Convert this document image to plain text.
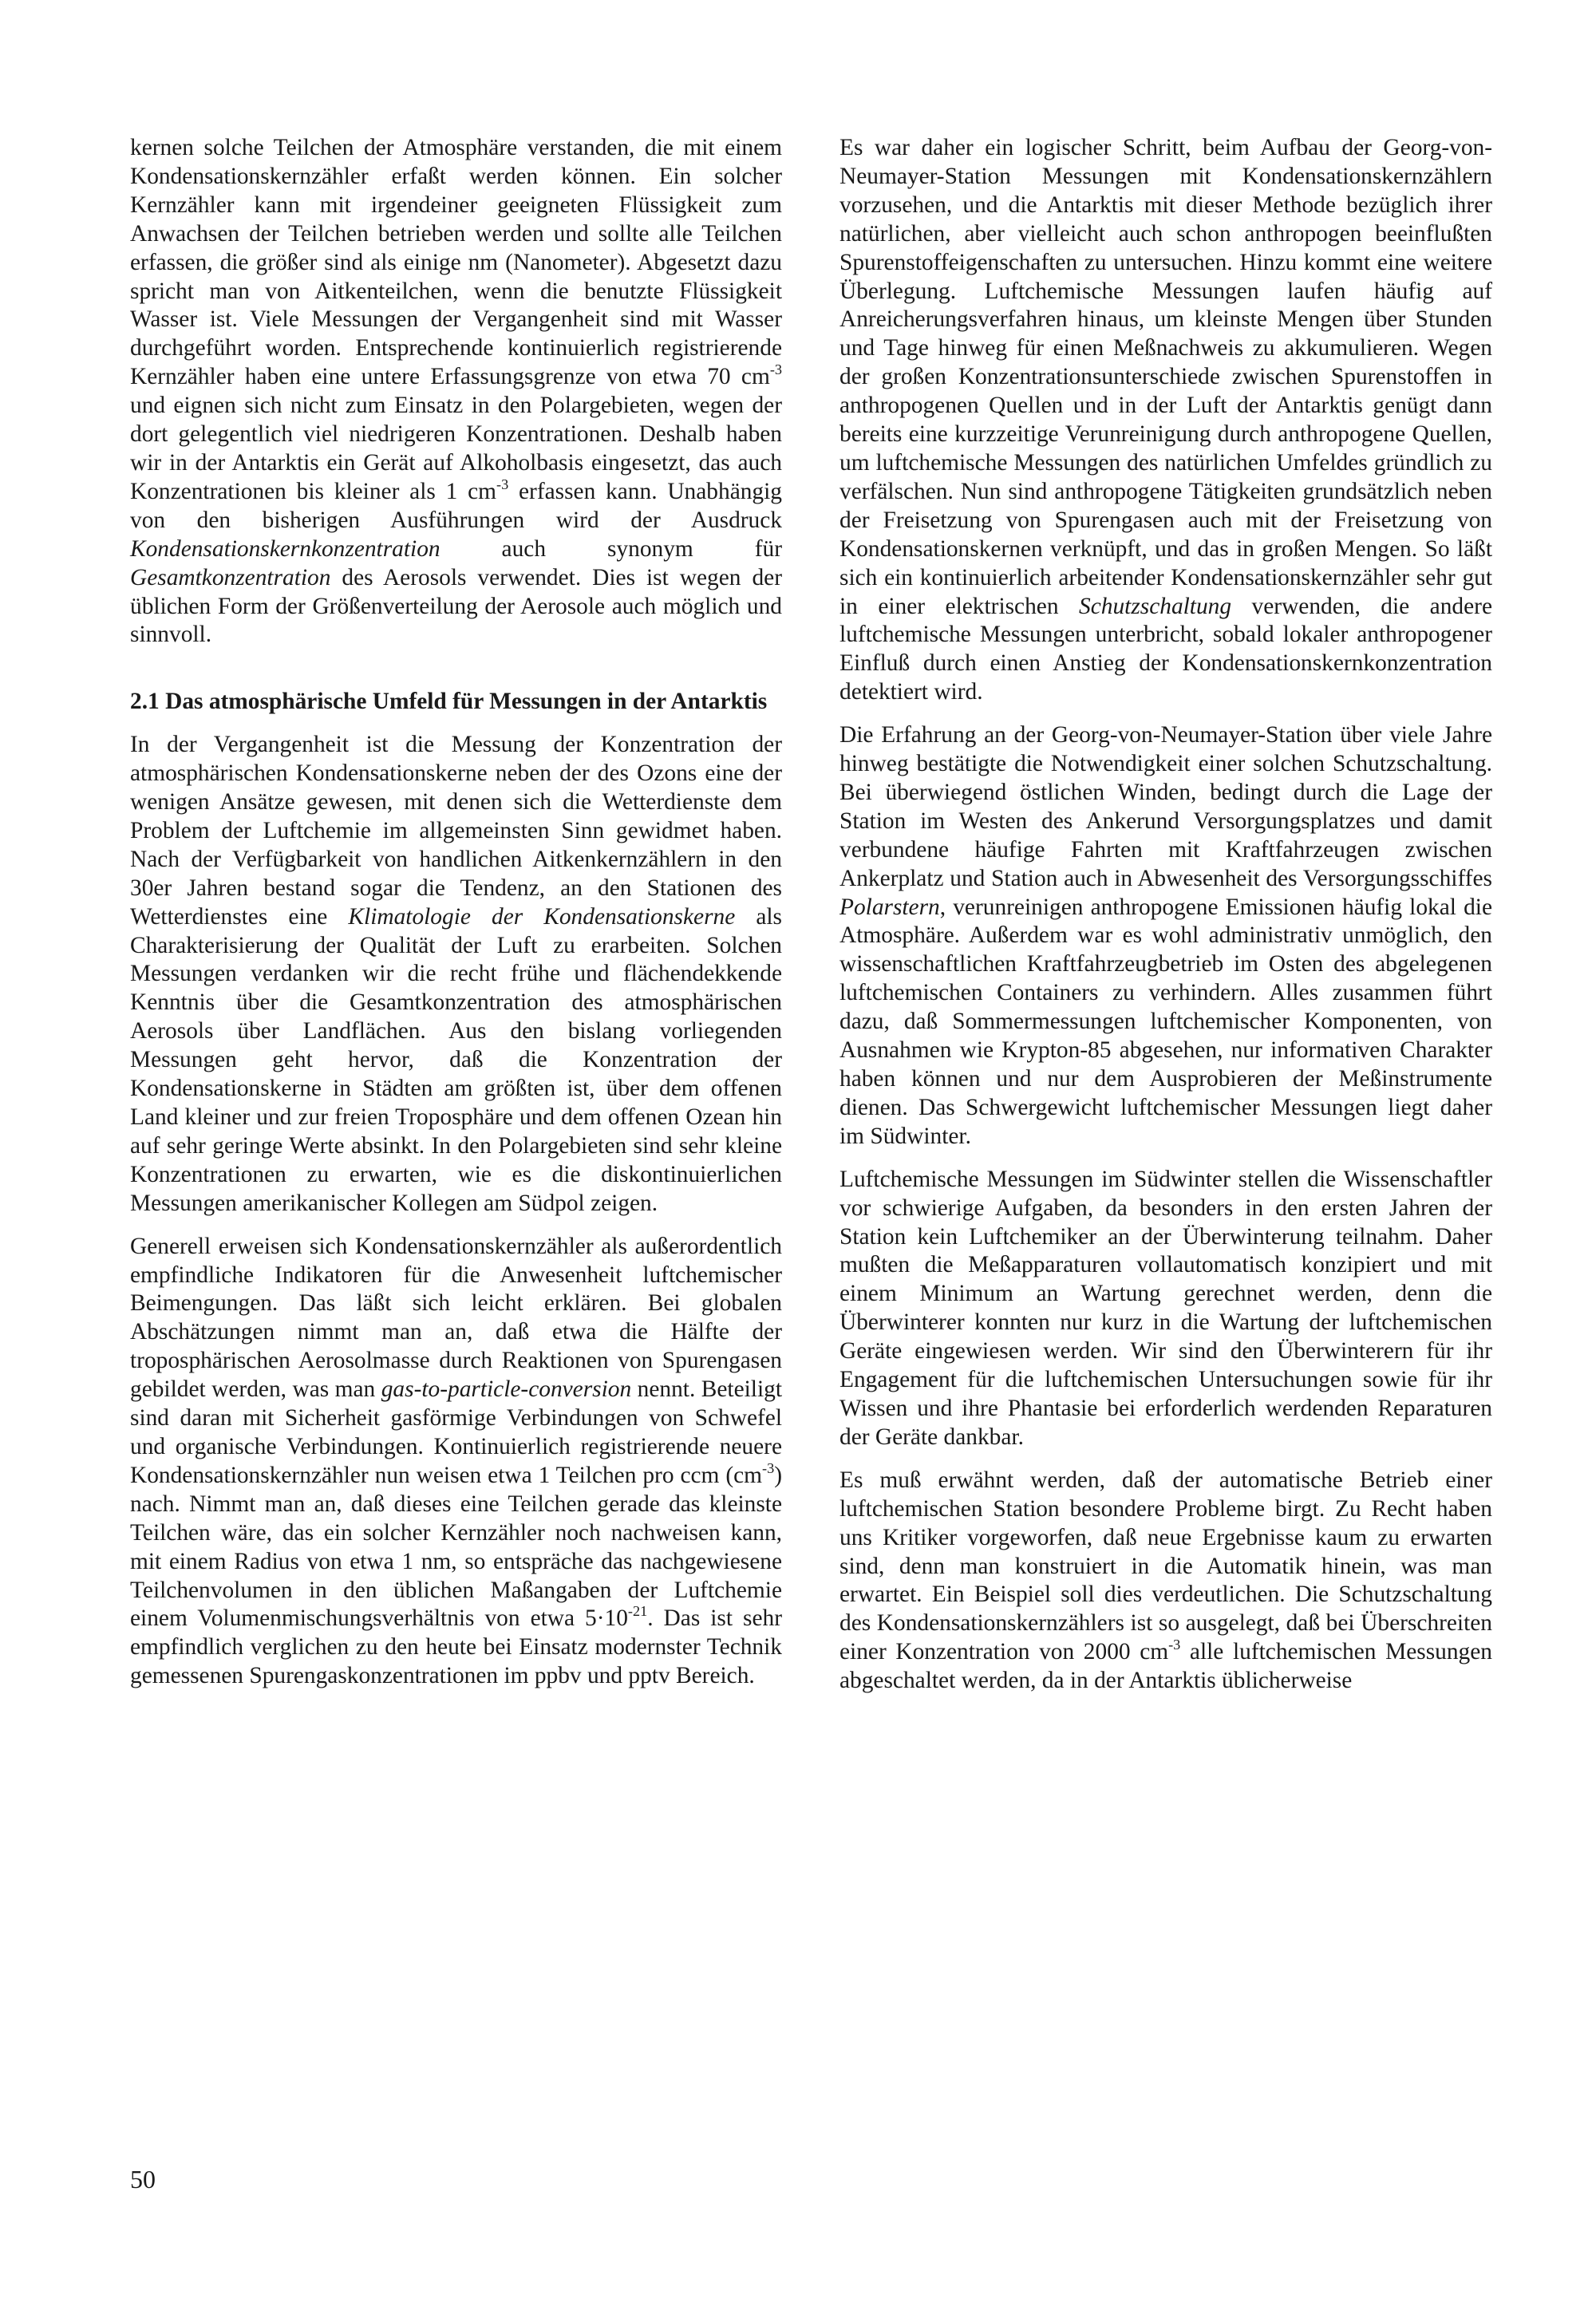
kernen solche Teilchen der Atmosphäre verstanden, die mit einem Kondensationskernzähler erfaßt werden können. Ein solcher Kernzähler kann mit irgendeiner geeigneten Flüssigkeit zum Anwachsen der Teilchen betrieben werden und sollte alle Teilchen erfassen, die größer sind als einige nm (Nanometer). Abgesetzt dazu spricht man von Aitkenteilchen, wenn die benutzte Flüssigkeit Wasser ist. Viele Messungen der Vergangenheit sind mit Wasser durchgeführt worden. Entsprechende kontinuierlich registrierende Kernzähler haben eine untere Erfassungsgrenze von etwa 70 $cm^{-3}$ und eignen sich nicht zum Einsatz in den Polargebieten, wegen der dort gelegentlich viel niedrigeren Konzentrationen. Deshalb haben wir in der Antarktis ein Gerät auf Alkoholbasis eingesetzt, das auch Konzentrationen bis kleiner als 1 $cm^{-3}$ erfassen kann. Unabhängig von den bisherigen Ausführungen wird der Ausdruck Kondensationskernkonzentration auch synonym für Gesamtkonzentration des Aerosols verwendet. Dies ist wegen der üblichen Form der Größenverteilung der Aerosole auch möglich und sinnvoll.

2.1 Das atmosphärische Umfeld für Messungen in der Antarktis

In der Vergangenheit ist die Messung der Konzentration der atmosphärischen Kondensationskerne neben der des Ozons eine der wenigen Ansätze gewesen, mit denen sich die Wetterdienste dem Problem der Luftchemie im allgemeinsten Sinn gewidmet haben. Nach der Verfügbarkeit von handlichen Aitkenkernzählern in den 30er Jahren bestand sogar die Tendenz, an den Stationen des Wetterdienstes eine Klimatologie der Kondensationskerne als Charakterisierung der Qualität der Luft zu erarbeiten. Solchen Messungen verdanken wir die recht frühe und flächendekkende Kenntnis über die Gesamtkonzentration des atmosphärischen Aerosols über Landflächen. Aus den bislang vorliegenden Messungen geht hervor, daß die Konzentration der Kondensationskerne in Städten am größten ist, über dem offenen Land kleiner und zur freien Troposphäre und dem offenen Ozean hin auf sehr geringe Werte absinkt. In den Polargebieten sind sehr kleine Konzentrationen zu erwarten, wie es die diskontinuierlichen Messungen amerikanischer Kollegen am Südpol zeigen.

Generell erweisen sich Kondensationskernzähler als außerordentlich empfindliche Indikatoren für die Anwesenheit luftchemischer Beimengungen. Das läßt sich leicht erklären. Bei globalen Abschätzungen nimmt man an, daß etwa die Hälfte der troposphärischen Aerosolmasse durch Reaktionen von Spurengasen gebildet werden, was man gas-to-particle-conversion nennt. Beteiligt sind daran mit Sicherheit gasförmige Verbindungen von Schwefel und organische Verbindungen. Kontinuierlich registrierende neuere Kondensationskernzähler nun weisen etwa 1 Teilchen pro ccm $(cm^{-3})$ nach. Nimmt man an, daß dieses eine Teilchen gerade das kleinste Teilchen wäre, das ein solcher Kernzähler noch nachweisen kann, mit einem Radius von etwa 1 nm, so entspräche das nachgewiesene Teilchenvolumen in den üblichen Maßangaben der Luftchemie einem Volumenmischungsverhältnis von etwa $5\cdot 10^{-21}$. Das ist sehr empfindlich verglichen zu den heute bei Einsatz modernster Technik gemessenen Spurengaskonzentrationen im ppbv und pptv Bereich.

Es war daher ein logischer Schritt, beim Aufbau der Georg-von-Neumayer-Station Messungen mit Kondensationskernzählern vorzusehen, und die Antarktis mit dieser Methode bezüglich ihrer natürlichen, aber vielleicht auch schon anthropogen beeinflußten Spurenstoffeigenschaften zu untersuchen. Hinzu kommt eine weitere Überlegung. Luftchemische Messungen laufen häufig auf Anreicherungsverfahren hinaus, um kleinste Mengen über Stunden und Tage hinweg für einen Meßnachweis zu akkumulieren. Wegen der großen Konzentrationsunterschiede zwischen Spurenstoffen in anthropogenen Quellen und in der Luft der Antarktis genügt dann bereits eine kurzzeitige Verunreinigung durch anthropogene Quellen, um luftchemische Messungen des natürlichen Umfeldes gründlich zu verfälschen. Nun sind anthropogene Tätigkeiten grundsätzlich neben der Freisetzung von Spurengasen auch mit der Freisetzung von Kondensationskernen verknüpft, und das in großen Mengen. So läßt sich ein kontinuierlich arbeitender Kondensationskernzähler sehr gut in einer elektrischen Schutzschaltung verwenden, die andere luftchemische Messungen unterbricht, sobald lokaler anthropogener Einfluß durch einen Anstieg der Kondensationskernkonzentration detektiert wird.

Die Erfahrung an der Georg-von-Neumayer-Station über viele Jahre hinweg bestätigte die Notwendigkeit einer solchen Schutzschaltung. Bei überwiegend östlichen Winden, bedingt durch die Lage der Station im Westen des Ankerund Versorgungsplatzes und damit verbundene häufige Fahrten mit Kraftfahrzeugen zwischen Ankerplatz und Station auch in Abwesenheit des Versorgungsschiffes Polarstern, verunreinigen anthropogene Emissionen häufig lokal die Atmosphäre. Außerdem war es wohl administrativ unmöglich, den wissenschaftlichen Kraftfahrzeugbetrieb im Osten des abgelegenen luftchemischen Containers zu verhindern. Alles zusammen führt dazu, daß Sommermessungen luftchemischer Komponenten, von Ausnahmen wie Krypton-85 abgesehen, nur informativen Charakter haben können und nur dem Ausprobieren der Meßinstrumente dienen. Das Schwergewicht luftchemischer Messungen liegt daher im Südwinter.

Luftchemische Messungen im Südwinter stellen die Wissenschaftler vor schwierige Aufgaben, da besonders in den ersten Jahren der Station kein Luftchemiker an der Überwinterung teilnahm. Daher mußten die Meßapparaturen vollautomatisch konzipiert und mit einem Minimum an Wartung gerechnet werden, denn die Überwinterer konnten nur kurz in die Wartung der luftchemischen Geräte eingewiesen werden. Wir sind den Überwinterern für ihr Engagement für die luftchemischen Untersuchungen sowie für ihr Wissen und ihre Phantasie bei erforderlich werdenden Reparaturen der Geräte dankbar.

Es muß erwähnt werden, daß der automatische Betrieb einer luftchemischen Station besondere Probleme birgt. Zu Recht haben uns Kritiker vorgeworfen, daß neue Ergebnisse kaum zu erwarten sind, denn man konstruiert in die Automatik hinein, was man erwartet. Ein Beispiel soll dies verdeutlichen. Die Schutzschaltung des Kondensationskernzählers ist so ausgelegt, daß bei Überschreiten einer Konzentration von 2000 $cm^{-3}$ alle luftchemischen Messungen abgeschaltet werden, da in der Antarktis üblicherweise

50
